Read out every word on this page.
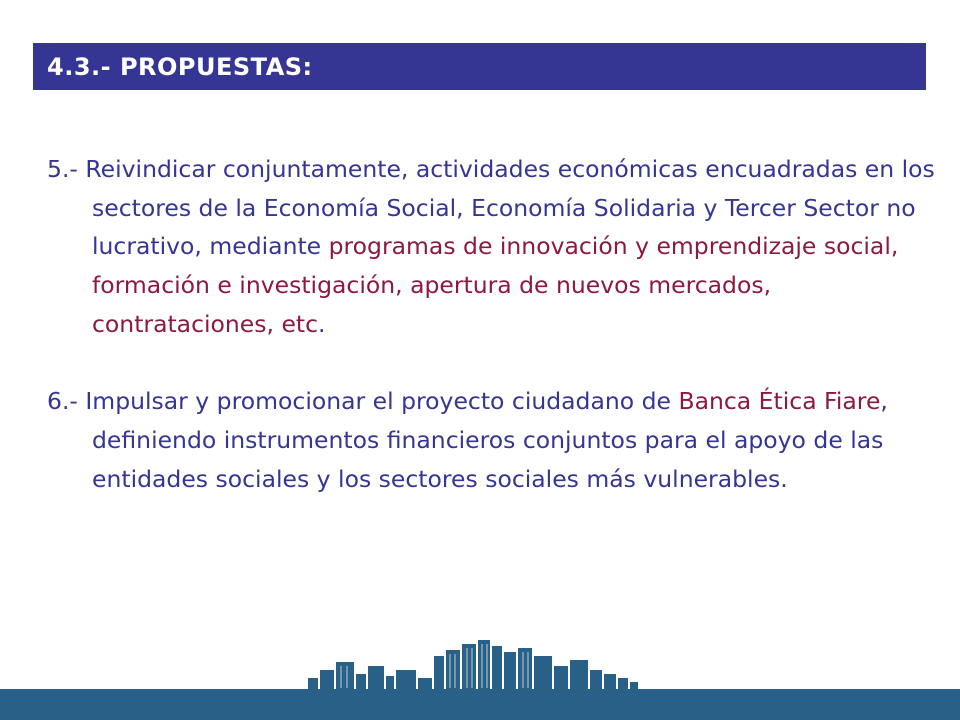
4.3.- PROPUESTAS:

5.- Reivindicar conjuntamente, actividades económicas encuadradas en los sectores de la Economía Social, Economía Solidaria y Tercer Sector no lucrativo, mediante programas de innovación y emprendizaje social, formación e investigación, apertura de nuevos mercados, contrataciones, etc.

6.- Impulsar y promocionar el proyecto ciudadano de Banca Ética Fiare, definiendo instrumentos financieros conjuntos para el apoyo de las entidades sociales y los sectores sociales más vulnerables.
